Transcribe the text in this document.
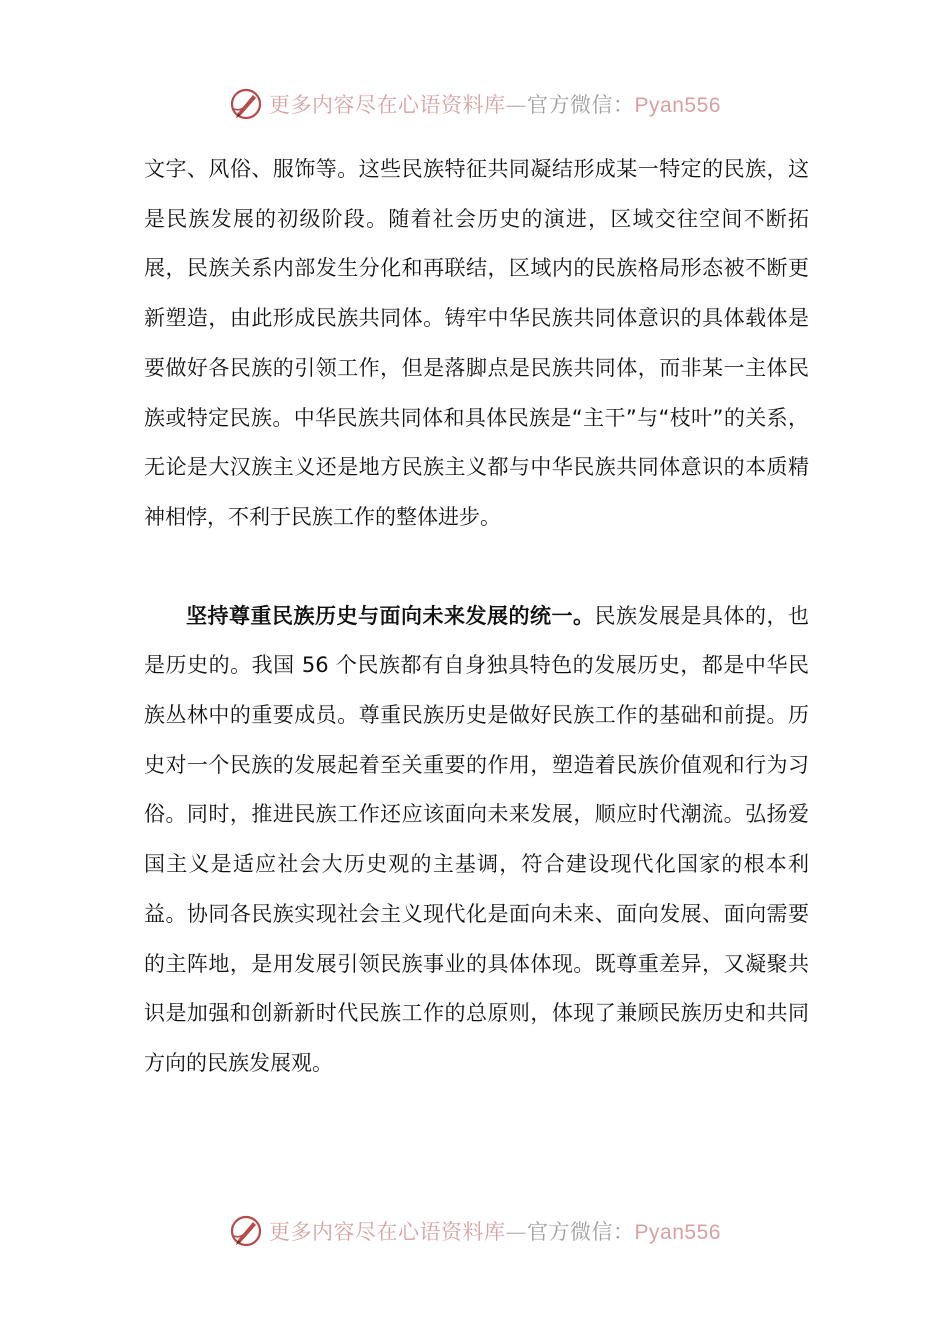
更多内容尽在心语资料库—官方微信：Pyan556

文字、风俗、服饰等。这些民族特征共同凝结形成某一特定的民族，这是民族发展的初级阶段。随着社会历史的演进，区域交往空间不断拓展，民族关系内部发生分化和再联结，区域内的民族格局形态被不断更新塑造，由此形成民族共同体。铸牢中华民族共同体意识的具体载体是要做好各民族的引领工作，但是落脚点是民族共同体，而非某一主体民族或特定民族。中华民族共同体和具体民族是“主干”与“枝叶”的关系，无论是大汉族主义还是地方民族主义都与中华民族共同体意识的本质精神相悖，不利于民族工作的整体进步。

坚持尊重民族历史与面向未来发展的统一。民族发展是具体的，也是历史的。我国 56 个民族都有自身独具特色的发展历史，都是中华民族丛林中的重要成员。尊重民族历史是做好民族工作的基础和前提。历史对一个民族的发展起着至关重要的作用，塑造着民族价值观和行为习俗。同时，推进民族工作还应该面向未来发展，顺应时代潮流。弘扬爱国主义是适应社会大历史观的主基调，符合建设现代化国家的根本利益。协同各民族实现社会主义现代化是面向未来、面向发展、面向需要的主阵地，是用发展引领民族事业的具体体现。既尊重差异，又凝聚共识是加强和创新新时代民族工作的总原则，体现了兼顾民族历史和共同方向的民族发展观。

更多内容尽在心语资料库—官方微信：Pyan556
